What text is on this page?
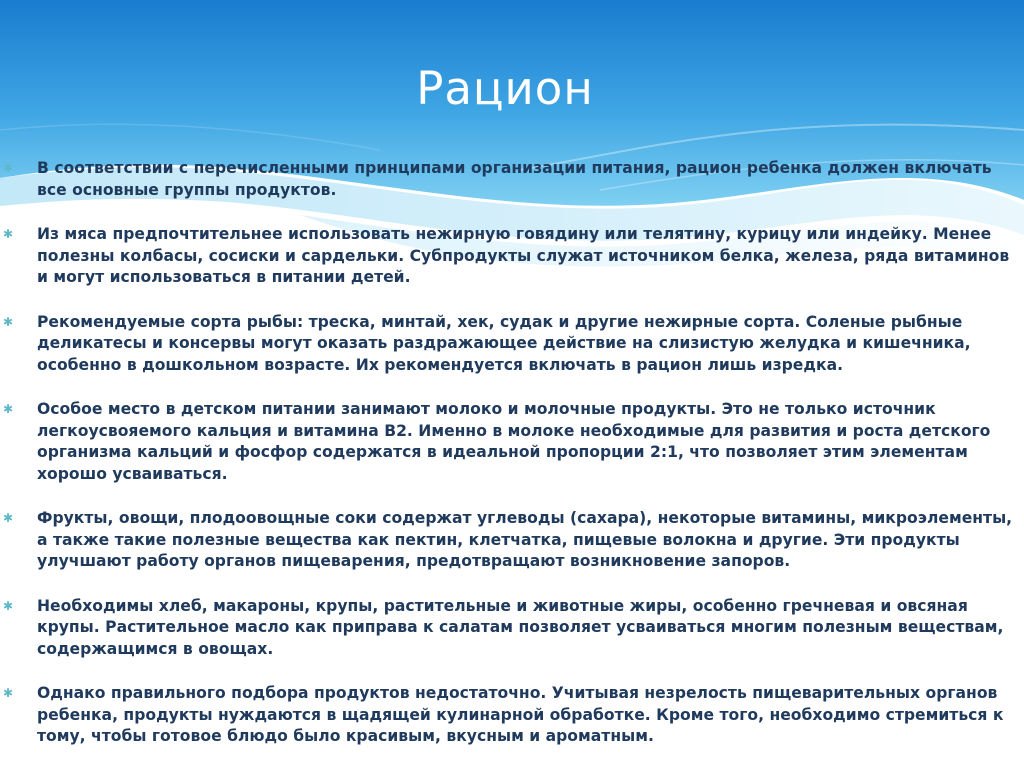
Рацион
✱ В соответствии с перечисленными принципами организации питания, рацион ребенка должен включать все основные группы продуктов.
✱ Из мяса предпочтительнее использовать нежирную говядину или телятину, курицу или индейку. Менее полезны колбасы, сосиски и сардельки. Субпродукты служат источником белка, железа, ряда витаминов и могут использоваться в питании детей.
✱ Рекомендуемые сорта рыбы: треска, минтай, хек, судак и другие нежирные сорта. Соленые рыбные деликатесы и консервы могут оказать раздражающее действие на слизистую желудка и кишечника, особенно в дошкольном возрасте. Их рекомендуется включать в рацион лишь изредка.
✱ Особое место в детском питании занимают молоко и молочные продукты. Это не только источник легкоусвояемого кальция и витамина В2. Именно в молоке необходимые для развития и роста детского организма кальций и фосфор содержатся в идеальной пропорции 2:1, что позволяет этим элементам хорошо усваиваться.
✱ Фрукты, овощи, плодоовощные соки содержат углеводы (сахара), некоторые витамины, микроэлементы, а также такие полезные вещества как пектин, клетчатка, пищевые волокна и другие. Эти продукты улучшают работу органов пищеварения, предотвращают возникновение запоров.
✱ Необходимы хлеб, макароны, крупы, растительные и животные жиры, особенно гречневая и овсяная крупы. Растительное масло как приправа к салатам позволяет усваиваться многим полезным веществам, содержащимся в овощах.
✱ Однако правильного подбора продуктов недостаточно. Учитывая незрелость пищеварительных органов ребенка, продукты нуждаются в щадящей кулинарной обработке. Кроме того, необходимо стремиться к тому, чтобы готовое блюдо было красивым, вкусным и ароматным.
